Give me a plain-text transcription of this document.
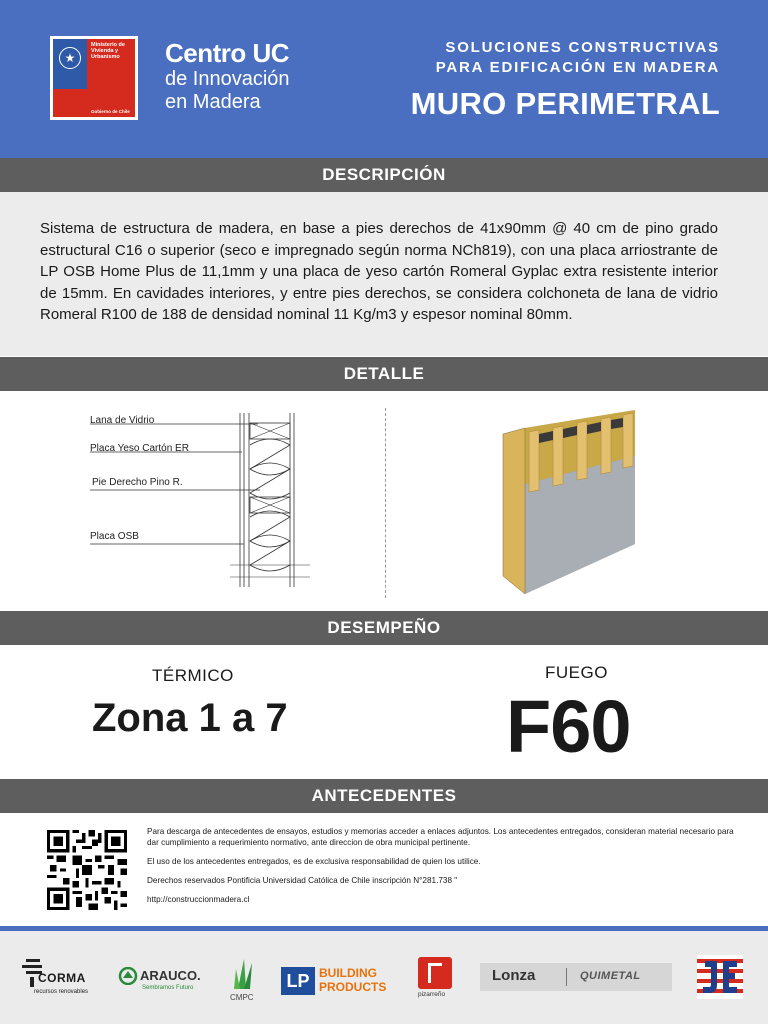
★
Ministerio de Vivienda y Urbanismo
Gobierno de Chile
Centro UC
de Innovación
en Madera
SOLUCIONES CONSTRUCTIVAS
PARA EDIFICACIÓN EN MADERA
MURO PERIMETRAL
DESCRIPCIÓN
Sistema de estructura de madera, en base a pies derechos de 41x90mm @ 40 cm de pino grado estructural C16 o superior (seco e impregnado según norma NCh819), con una placa arriostrante de LP OSB Home Plus de 11,1mm y una placa de yeso cartón Romeral Gyplac extra resistente interior de 15mm. En cavidades interiores, y entre pies derechos, se considera colchoneta de lana de vidrio Romeral R100 de 188 de densidad nominal 11 Kg/m3 y espesor nominal 80mm.
DETALLE
Lana de Vidrio
Placa Yeso Cartón ER
Pie Derecho Pino R.
Placa OSB
DESEMPEÑO
TÉRMICO
Zona 1 a 7
FUEGO
F60
ANTECEDENTES

Para descarga de antecedentes de ensayos, estudios y memorias acceder a enlaces adjuntos. Los antecedentes entregados, consideran material necesario para dar cumplimiento a requerimiento normativo, ante direccion de obra municipal pertinente.

El uso de los antecedentes entregados, es de exclusiva responsabilidad de quien los utilice.

Derechos reservados Pontificia Universidad Católica de Chile inscripción N°281.738 "

http://construccionmadera.cl

CORMA
recursos renovables
ARAUCO.
Sembramos Futuro
CMPC
LP BUILDING
PRODUCTS
pizarreño
Lonza	QUIMETAL
